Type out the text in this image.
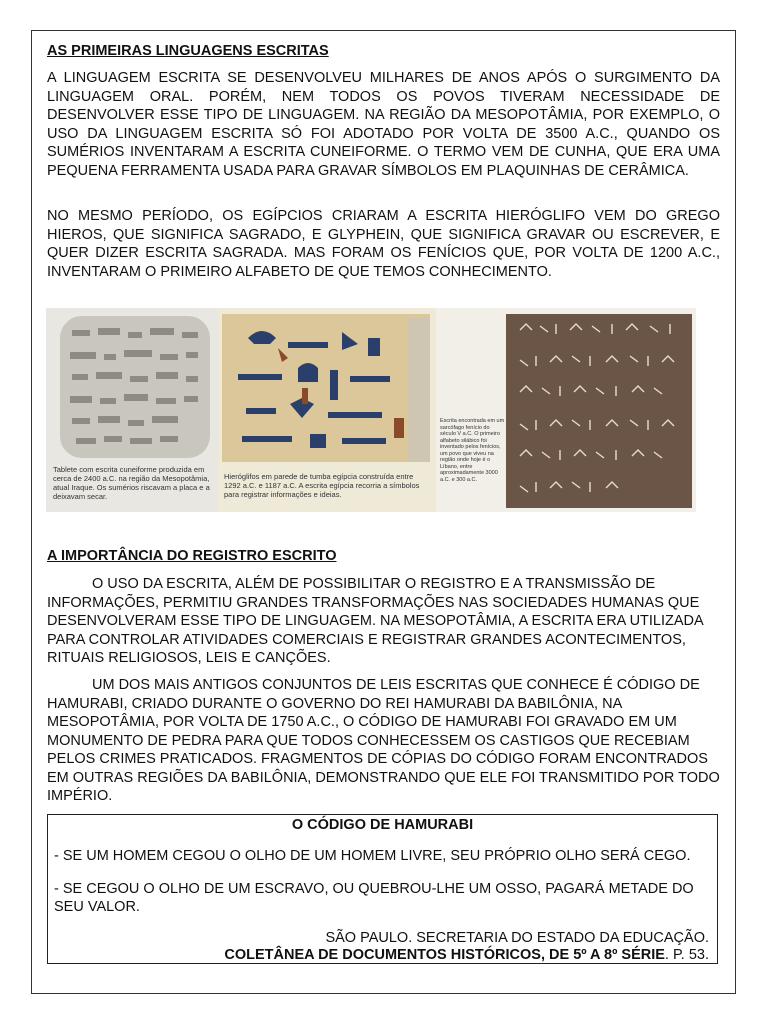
AS PRIMEIRAS LINGUAGENS ESCRITAS

A LINGUAGEM ESCRITA SE DESENVOLVEU MILHARES DE ANOS APÓS O SURGIMENTO DA LINGUAGEM ORAL. PORÉM, NEM TODOS OS POVOS TIVERAM NECESSIDADE DE DESENVOLVER ESSE TIPO DE LINGUAGEM. NA REGIÃO DA MESOPOTÂMIA, POR EXEMPLO, O USO DA LINGUAGEM ESCRITA SÓ FOI ADOTADO POR VOLTA DE 3500 A.C., QUANDO OS SUMÉRIOS INVENTARAM A ESCRITA CUNEIFORME. O TERMO VEM DE CUNHA, QUE ERA UMA PEQUENA FERRAMENTA USADA PARA GRAVAR SÍMBOLOS EM PLAQUINHAS DE CERÂMICA.

NO MESMO PERÍODO, OS EGÍPCIOS CRIARAM A ESCRITA HIERÓGLIFO VEM DO GREGO HIEROS, QUE SIGNIFICA SAGRADO, E GLYPHEIN, QUE SIGNIFICA GRAVAR OU ESCREVER, E QUER DIZER ESCRITA SAGRADA. MAS FORAM OS FENÍCIOS QUE, POR VOLTA DE 1200 A.C., INVENTARAM O PRIMEIRO ALFABETO DE QUE TEMOS CONHECIMENTO.

Tablete com escrita cuneiforme produzida em cerca de 2400 a.C. na região da Mesopotâmia, atual Iraque. Os sumérios riscavam a placa e a deixavam secar.
Hieróglifos em parede de tumba egípcia construída entre 1292 a.C. e 1187 a.C. A escrita egípcia recorria a símbolos para registrar informações e ideias.
Escrita encontrada em um sarcófago fenício do século V a.C. O primeiro alfabeto silábico foi inventado pelos fenícios, um povo que viveu na região onde hoje é o Líbano, entre aproximadamente 3000 a.C. e 300 a.C.
A IMPORTÂNCIA DO REGISTRO ESCRITO

O USO DA ESCRITA, ALÉM DE POSSIBILITAR O REGISTRO E A TRANSMISSÃO DE INFORMAÇÕES, PERMITIU GRANDES TRANSFORMAÇÕES NAS SOCIEDADES HUMANAS QUE DESENVOLVERAM ESSE TIPO DE LINGUAGEM. NA MESOPOTÂMIA, A ESCRITA ERA UTILIZADA PARA CONTROLAR ATIVIDADES COMERCIAIS E REGISTRAR GRANDES ACONTECIMENTOS, RITUAIS RELIGIOSOS, LEIS E CANÇÕES.

UM DOS MAIS ANTIGOS CONJUNTOS DE LEIS ESCRITAS QUE CONHECE É CÓDIGO DE HAMURABI, CRIADO DURANTE O GOVERNO DO REI HAMURABI DA BABILÔNIA, NA MESOPOTÂMIA, POR VOLTA DE 1750 A.C., O CÓDIGO DE HAMURABI FOI GRAVADO EM UM MONUMENTO DE PEDRA PARA QUE TODOS CONHECESSEM OS CASTIGOS QUE RECEBIAM PELOS CRIMES PRATICADOS. FRAGMENTOS DE CÓPIAS DO CÓDIGO FORAM ENCONTRADOS EM OUTRAS REGIÕES DA BABILÔNIA, DEMONSTRANDO QUE ELE FOI TRANSMITIDO POR TODO IMPÉRIO.

O CÓDIGO DE HAMURABI
- SE UM HOMEM CEGOU O OLHO DE UM HOMEM LIVRE, SEU PRÓPRIO OLHO SERÁ CEGO.
- SE CEGOU O OLHO DE UM ESCRAVO, OU QUEBROU-LHE UM OSSO, PAGARÁ METADE DO SEU VALOR.
SÃO PAULO. SECRETARIA DO ESTADO DA EDUCAÇÃO.
COLETÂNEA DE DOCUMENTOS HISTÓRICOS, DE 5º A 8º SÉRIE. P. 53.
